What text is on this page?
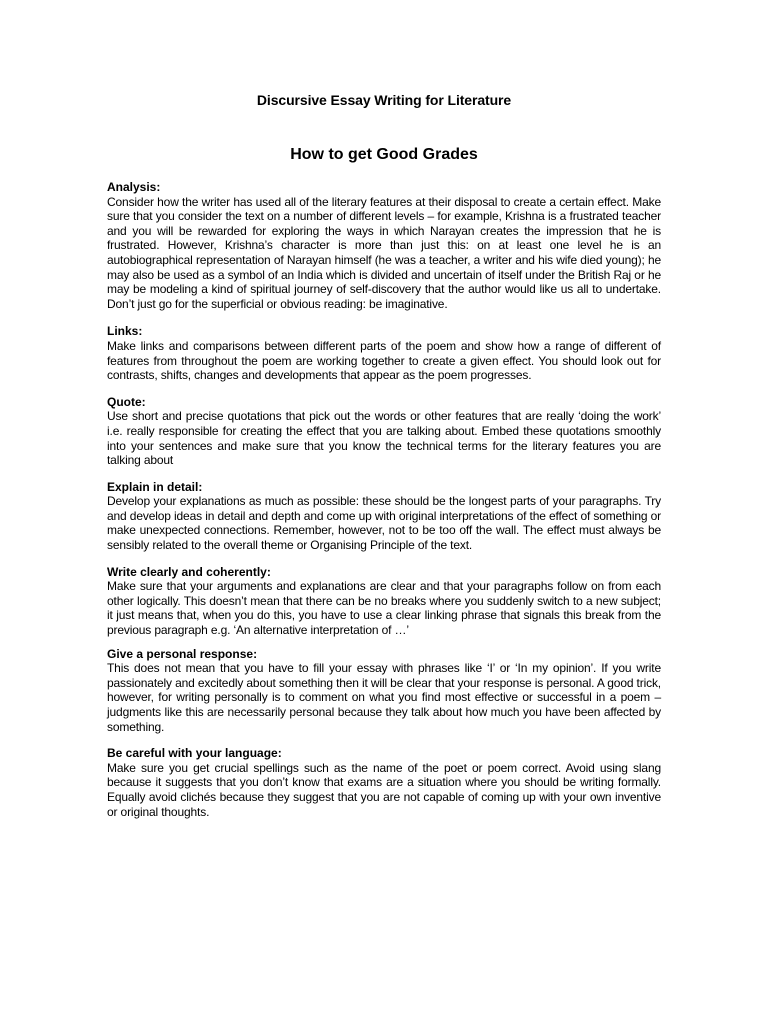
Discursive Essay Writing for Literature
How to get Good Grades

Analysis:

Consider how the writer has used all of the literary features at their disposal to create a certain effect. Make sure that you consider the text on a number of different levels – for example, Krishna is a frustrated teacher and you will be rewarded for exploring the ways in which Narayan creates the impression that he is frustrated. However, Krishna’s character is more than just this: on at least one level he is an autobiographical representation of Narayan himself (he was a teacher, a writer and his wife died young); he may also be used as a symbol of an India which is divided and uncertain of itself under the British Raj or he may be modeling a kind of spiritual journey of self-discovery that the author would like us all to undertake. Don’t just go for the superficial or obvious reading: be imaginative.

Links:

Make links and comparisons between different parts of the poem and show how a range of different of features from throughout the poem are working together to create a given effect. You should look out for contrasts, shifts, changes and developments that appear as the poem progresses.

Quote:

Use short and precise quotations that pick out the words or other features that are really ‘doing the work’ i.e. really responsible for creating the effect that you are talking about. Embed these quotations smoothly into your sentences and make sure that you know the technical terms for the literary features you are talking about

Explain in detail:

Develop your explanations as much as possible: these should be the longest parts of your paragraphs. Try and develop ideas in detail and depth and come up with original interpretations of the effect of something or make unexpected connections. Remember, however, not to be too off the wall. The effect must always be sensibly related to the overall theme or Organising Principle of the text.

Write clearly and coherently:

Make sure that your arguments and explanations are clear and that your paragraphs follow on from each other logically. This doesn’t mean that there can be no breaks where you suddenly switch to a new subject; it just means that, when you do this, you have to use a clear linking phrase that signals this break from the previous paragraph e.g. ‘An alternative interpretation of …’

Give a personal response:

This does not mean that you have to fill your essay with phrases like ‘I’ or ‘In my opinion’. If you write passionately and excitedly about something then it will be clear that your response is personal. A good trick, however, for writing personally is to comment on what you find most effective or successful in a poem – judgments like this are necessarily personal because they talk about how much you have been affected by something.

Be careful with your language:

Make sure you get crucial spellings such as the name of the poet or poem correct. Avoid using slang because it suggests that you don’t know that exams are a situation where you should be writing formally. Equally avoid clichés because they suggest that you are not capable of coming up with your own inventive or original thoughts.
